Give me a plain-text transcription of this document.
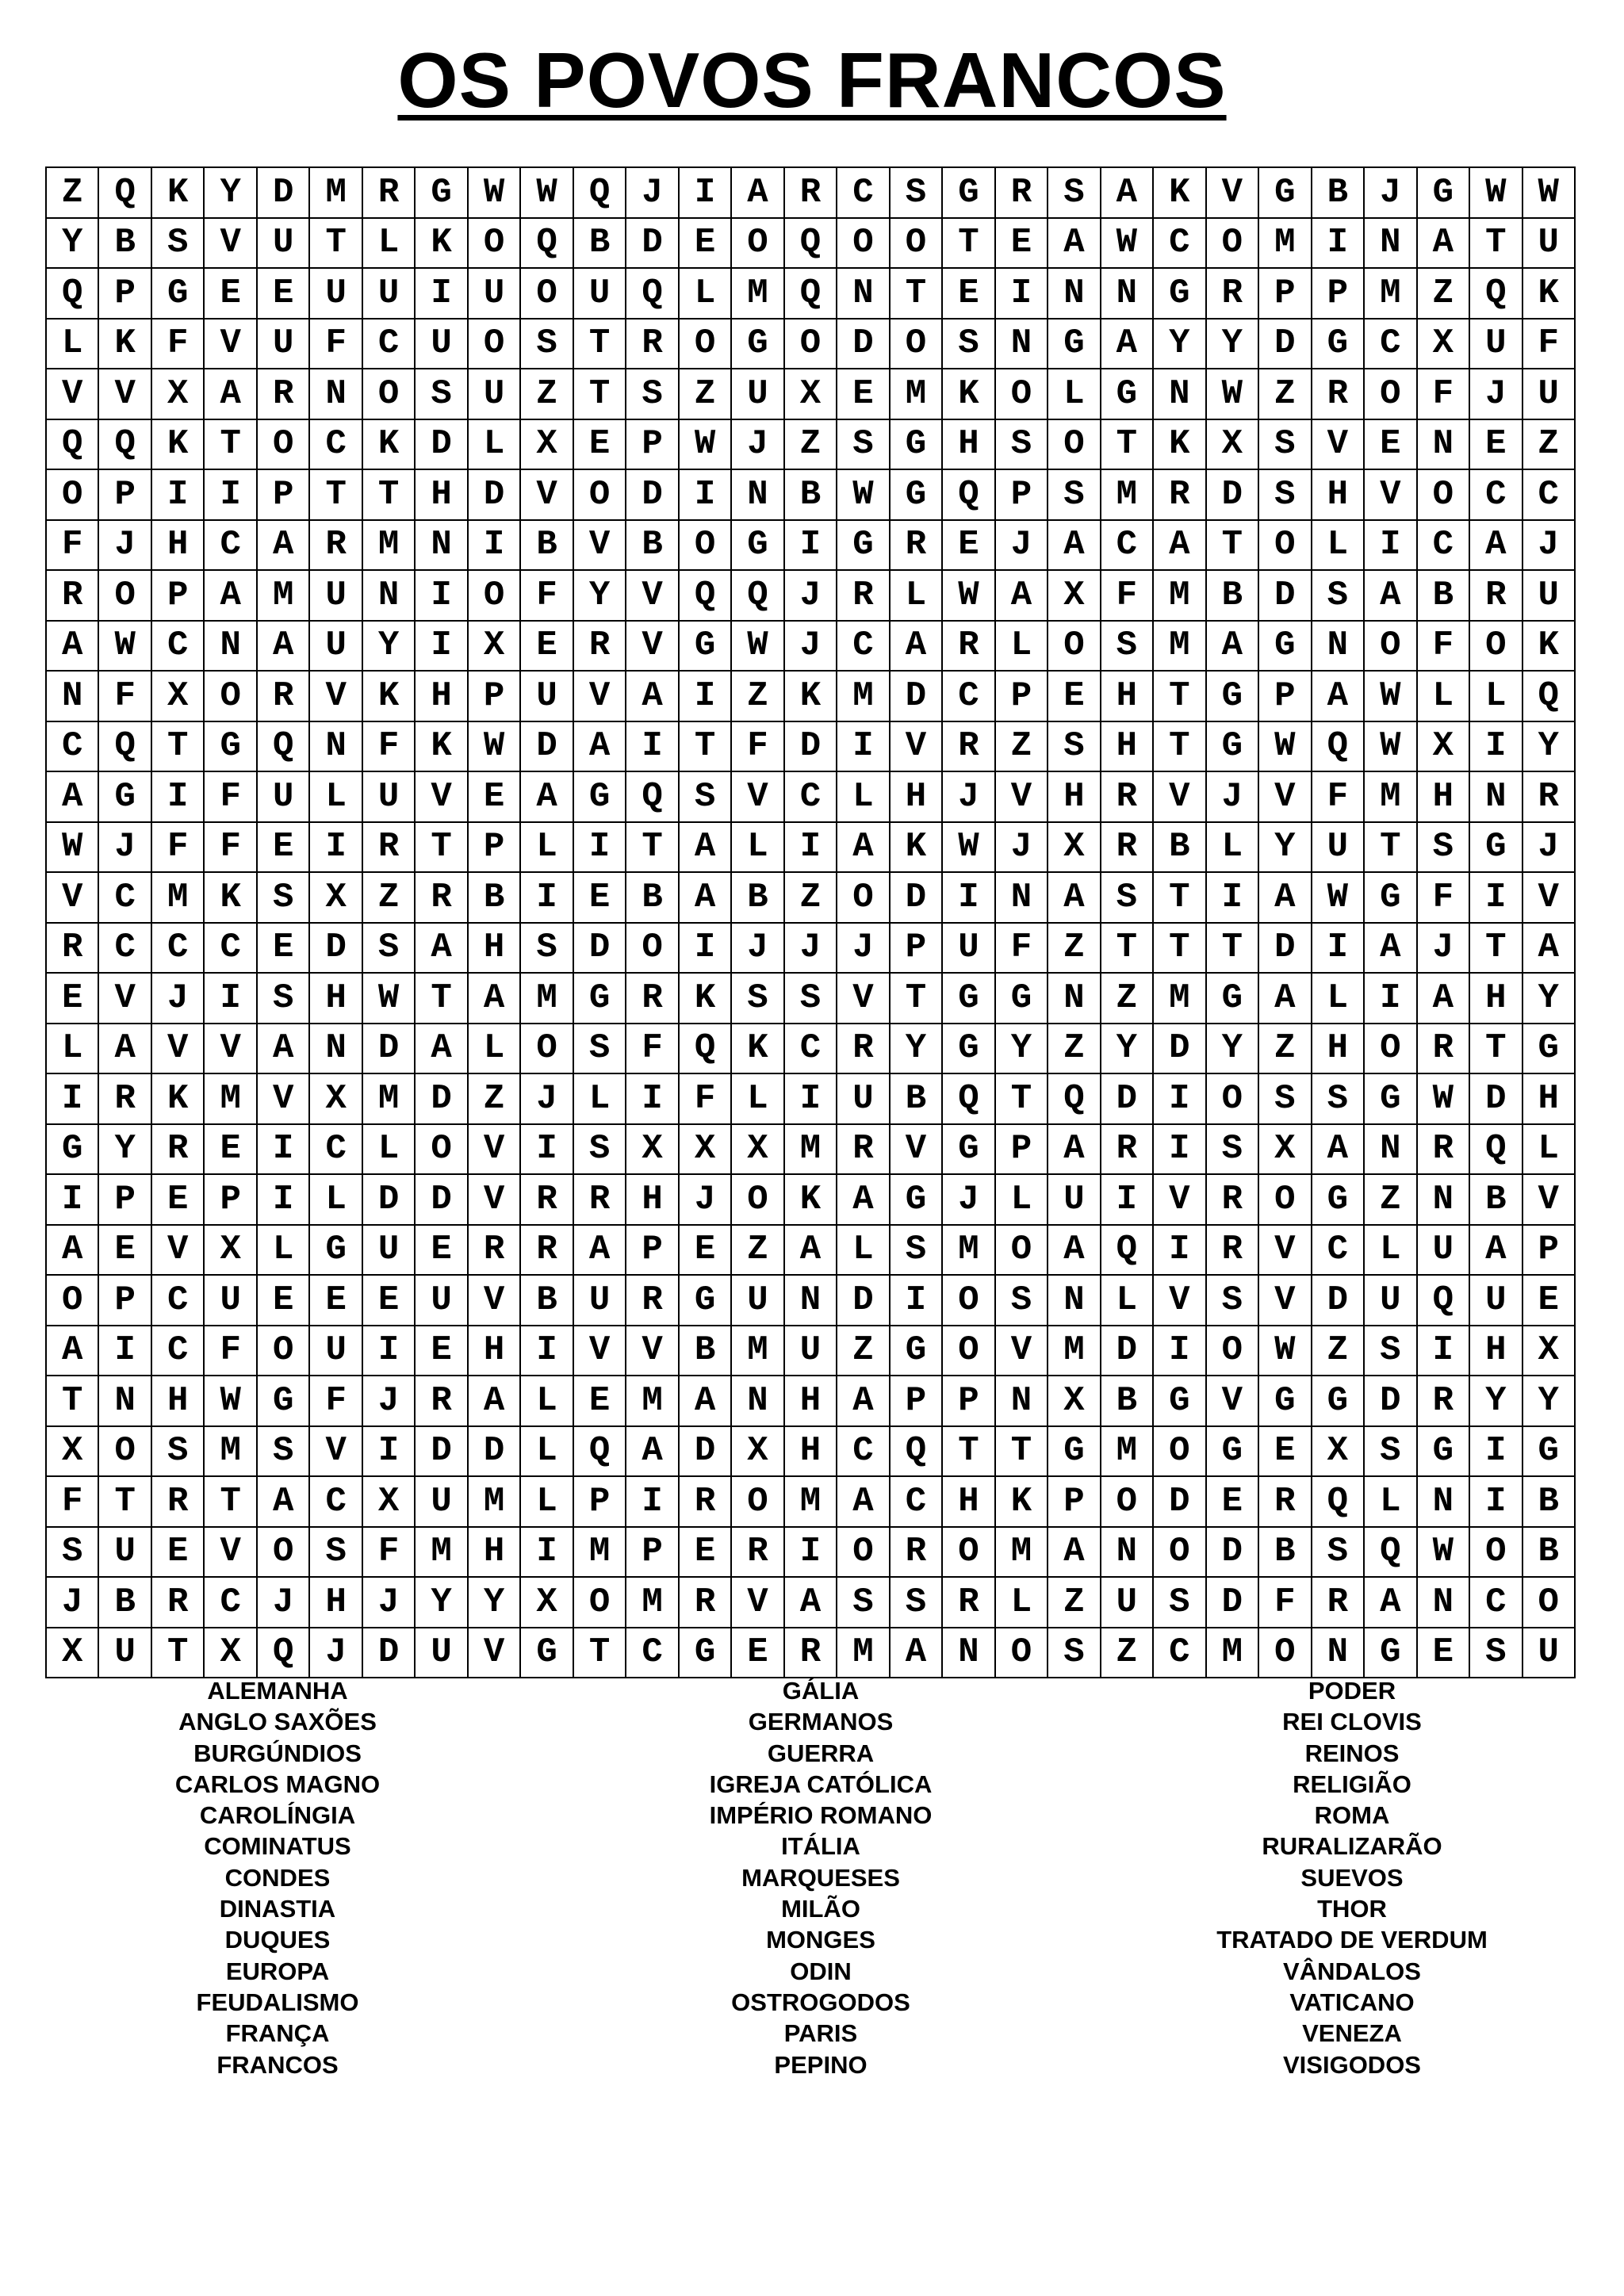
OS POVOS FRANCOS
Z Q K Y D M R G W W Q J I A R C S G R S A K V G B J G W W
Y B S V U T L K O Q B D E O Q O O T E A W C O M I N A T U
Q P G E E U U I U O U Q L M Q N T E I N N G R P P M Z Q K
L K F V U F C U O S T R O G O D O S N G A Y Y D G C X U F
V V X A R N O S U Z T S Z U X E M K O L G N W Z R O F J U
Q Q K T O C K D L X E P W J Z S G H S O T K X S V E N E Z
O P I I P T T H D V O D I N B W G Q P S M R D S H V O C C
F J H C A R M N I B V B O G I G R E J A C A T O L I C A J
R O P A M U N I O F Y V Q Q J R L W A X F M B D S A B R U
A W C N A U Y I X E R V G W J C A R L O S M A G N O F O K
N F X O R V K H P U V A I Z K M D C P E H T G P A W L L Q
C Q T G Q N F K W D A I T F D I V R Z S H T G W Q W X I Y
A G I F U L U V E A G Q S V C L H J V H R V J V F M H N R
W J F F E I R T P L I T A L I A K W J X R B L Y U T S G J
V C M K S X Z R B I E B A B Z O D I N A S T I A W G F I V
R C C C E D S A H S D O I J J J P U F Z T T T D I A J T A
E V J I S H W T A M G R K S S V T G G N Z M G A L I A H Y
L A V V A N D A L O S F Q K C R Y G Y Z Y D Y Z H O R T G
I R K M V X M D Z J L I F L I U B Q T Q D I O S S G W D H
G Y R E I C L O V I S X X X M R V G P A R I S X A N R Q L
I P E P I L D D V R R H J O K A G J L U I V R O G Z N B V
A E V X L G U E R R A P E Z A L S M O A Q I R V C L U A P
O P C U E E E U V B U R G U N D I O S N L V S V D U Q U E
A I C F O U I E H I V V B M U Z G O V M D I O W Z S I H X
T N H W G F J R A L E M A N H A P P N X B G V G G D R Y Y
X O S M S V I D D L Q A D X H C Q T T G M O G E X S G I G
F T R T A C X U M L P I R O M A C H K P O D E R Q L N I B
S U E V O S F M H I M P E R I O R O M A N O D B S Q W O B
J B R C J H J Y Y X O M R V A S S R L Z U S D F R A N C O
X U T X Q J D U V G T C G E R M A N O S Z C M O N G E S U
ALEMANHA
ANGLO SAXÕES
BURGÚNDIOS
CARLOS MAGNO
CAROLÍNGIA
COMINATUS
CONDES
DINASTIA
DUQUES
EUROPA
FEUDALISMO
FRANÇA
FRANCOS
GÁLIA
GERMANOS
GUERRA
IGREJA CATÓLICA
IMPÉRIO ROMANO
ITÁLIA
MARQUESES
MILÃO
MONGES
ODIN
OSTROGODOS
PARIS
PEPINO
PODER
REI CLOVIS
REINOS
RELIGIÃO
ROMA
RURALIZARÃO
SUEVOS
THOR
TRATADO DE VERDUM
VÂNDALOS
VATICANO
VENEZA
VISIGODOS
